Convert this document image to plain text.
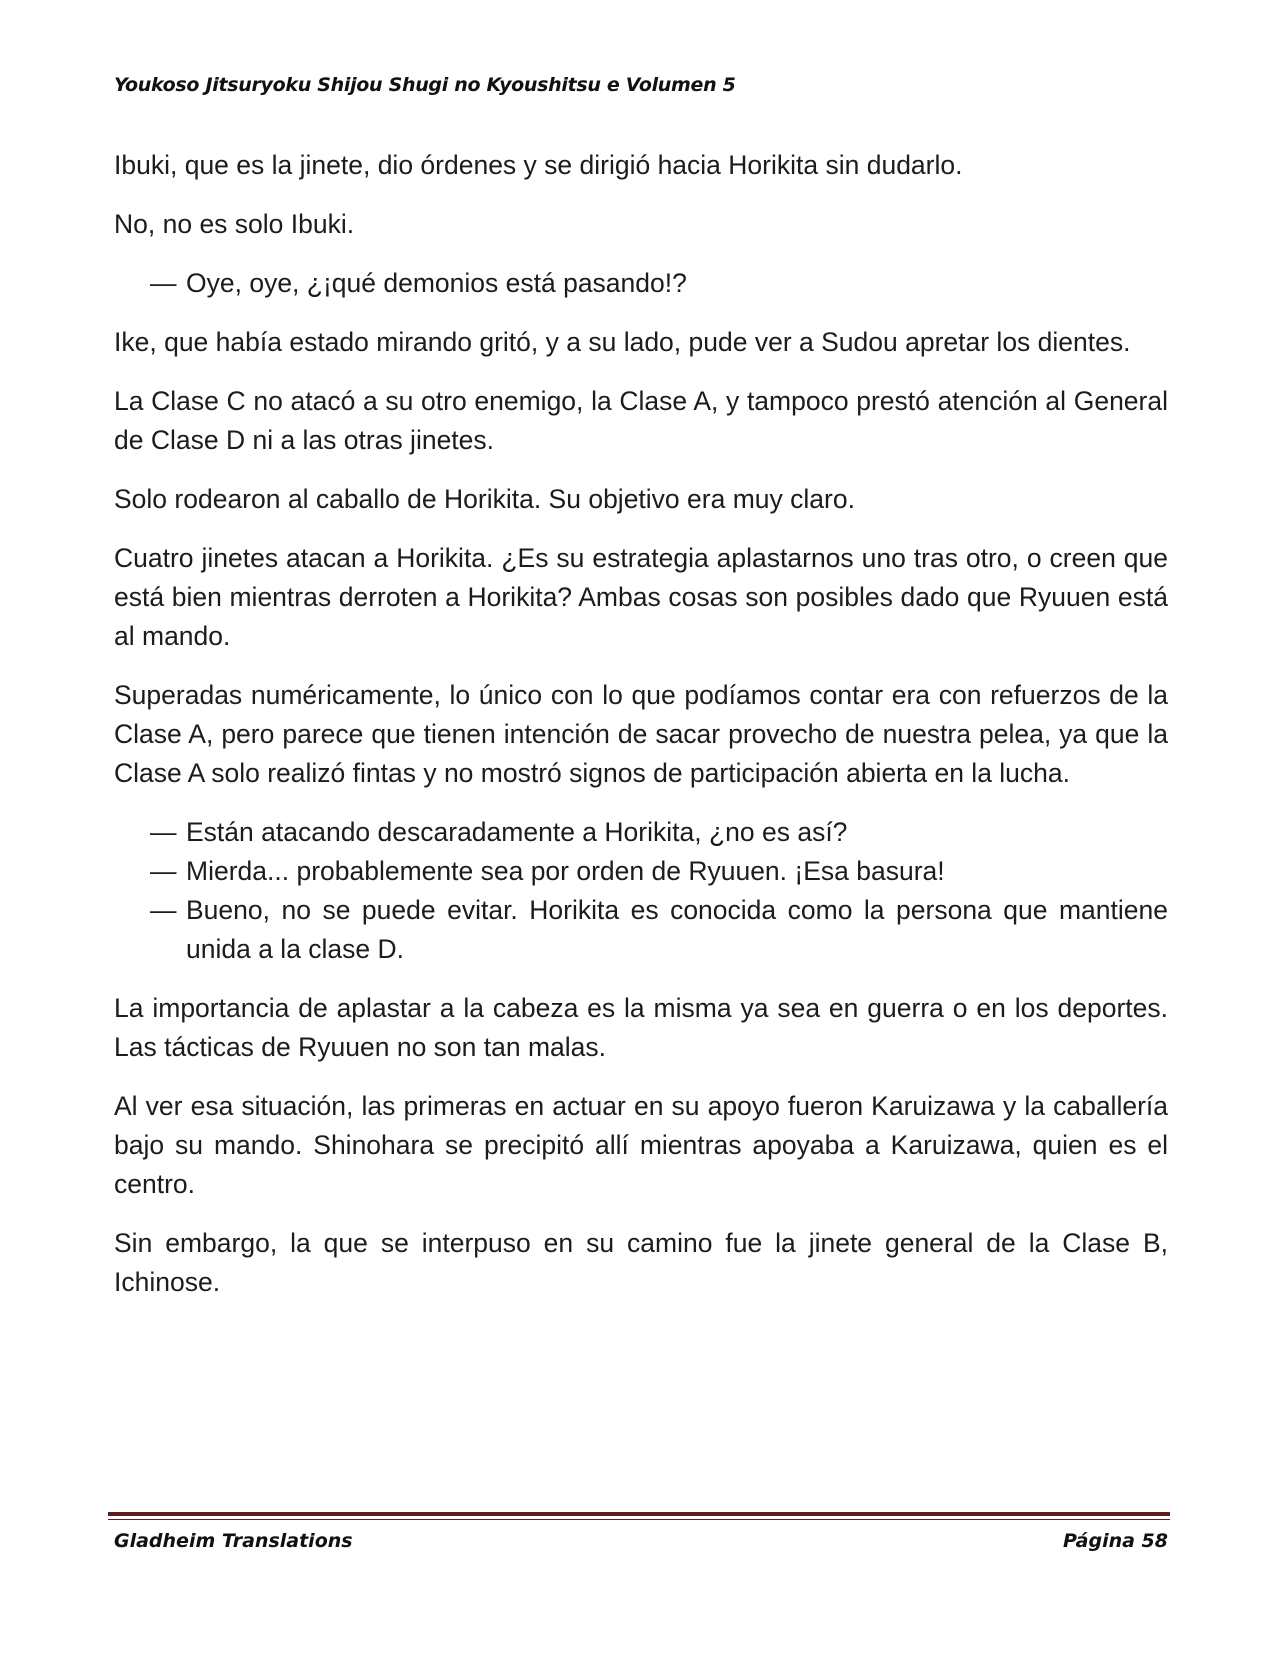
Youkoso Jitsuryoku Shijou Shugi no Kyoushitsu e Volumen 5

Ibuki, que es la jinete, dio órdenes y se dirigió hacia Horikita sin dudarlo.

No, no es solo Ibuki.

— Oye, oye, ¿¡qué demonios está pasando!?

Ike, que había estado mirando gritó, y a su lado, pude ver a Sudou apretar los dientes.

La Clase C no atacó a su otro enemigo, la Clase A, y tampoco prestó atención al General de Clase D ni a las otras jinetes.

Solo rodearon al caballo de Horikita. Su objetivo era muy claro.

Cuatro jinetes atacan a Horikita. ¿Es su estrategia aplastarnos uno tras otro, o creen que está bien mientras derroten a Horikita? Ambas cosas son posibles dado que Ryuuen está al mando.

Superadas numéricamente, lo único con lo que podíamos contar era con refuerzos de la Clase A, pero parece que tienen intención de sacar provecho de nuestra pelea, ya que la Clase A solo realizó fintas y no mostró signos de participación abierta en la lucha.

— Están atacando descaradamente a Horikita, ¿no es así?
— Mierda... probablemente sea por orden de Ryuuen. ¡Esa basura!
— Bueno, no se puede evitar. Horikita es conocida como la persona que mantiene unida a la clase D.

La importancia de aplastar a la cabeza es la misma ya sea en guerra o en los deportes. Las tácticas de Ryuuen no son tan malas.

Al ver esa situación, las primeras en actuar en su apoyo fueron Karuizawa y la caballería bajo su mando. Shinohara se precipitó allí mientras apoyaba a Karuizawa, quien es el centro.

Sin embargo, la que se interpuso en su camino fue la jinete general de la Clase B, Ichinose.

Gladheim Translations	Página 58
